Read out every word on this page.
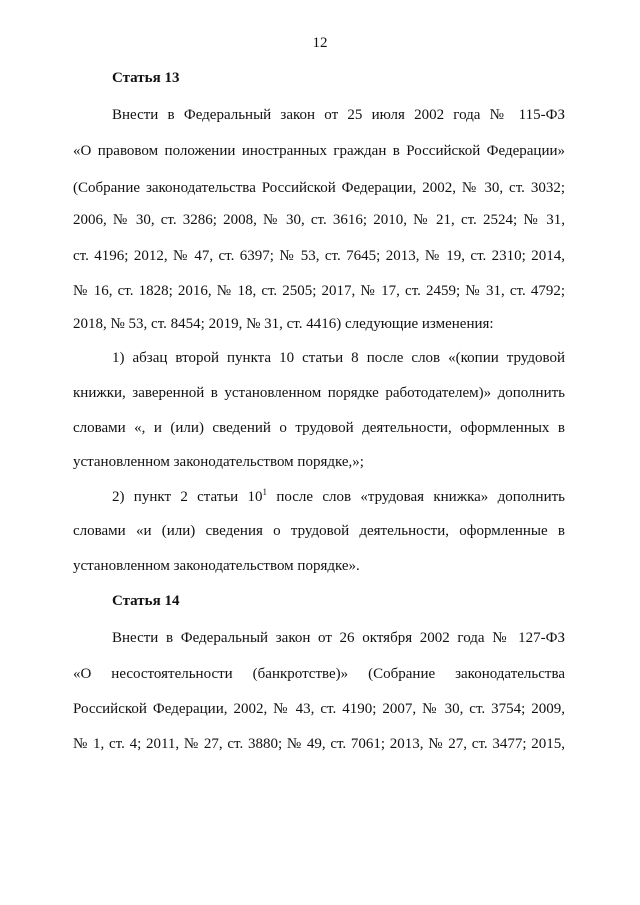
12
Статья 13
Внести в Федеральный закон от 25 июля 2002 года № 115-ФЗ
«О правовом положении иностранных граждан в Российской Федерации»
(Собрание законодательства Российской Федерации, 2002, № 30, ст. 3032;
2006, № 30, ст. 3286; 2008, № 30, ст. 3616; 2010, № 21, ст. 2524; № 31,
ст. 4196; 2012, № 47, ст. 6397; № 53, ст. 7645; 2013, № 19, ст. 2310; 2014,
№ 16, ст. 1828; 2016, № 18, ст. 2505; 2017, № 17, ст. 2459; № 31, ст. 4792;
2018, № 53, ст. 8454; 2019, № 31, ст. 4416) следующие изменения:
1) абзац второй пункта 10 статьи 8 после слов «(копии трудовой
книжки, заверенной в установленном порядке работодателем)» дополнить
словами «, и (или) сведений о трудовой деятельности, оформленных в
установленном законодательством порядке,»;
2) пункт 2 статьи $10^1$ после слов «трудовая книжка» дополнить
словами «и (или) сведения о трудовой деятельности, оформленные в
установленном законодательством порядке».
Статья 14
Внести в Федеральный закон от 26 октября 2002 года № 127-ФЗ
«О несостоятельности (банкротстве)» (Собрание законодательства
Российской Федерации, 2002, № 43, ст. 4190; 2007, № 30, ст. 3754; 2009,
№ 1, ст. 4; 2011, № 27, ст. 3880; № 49, ст. 7061; 2013, № 27, ст. 3477; 2015,
